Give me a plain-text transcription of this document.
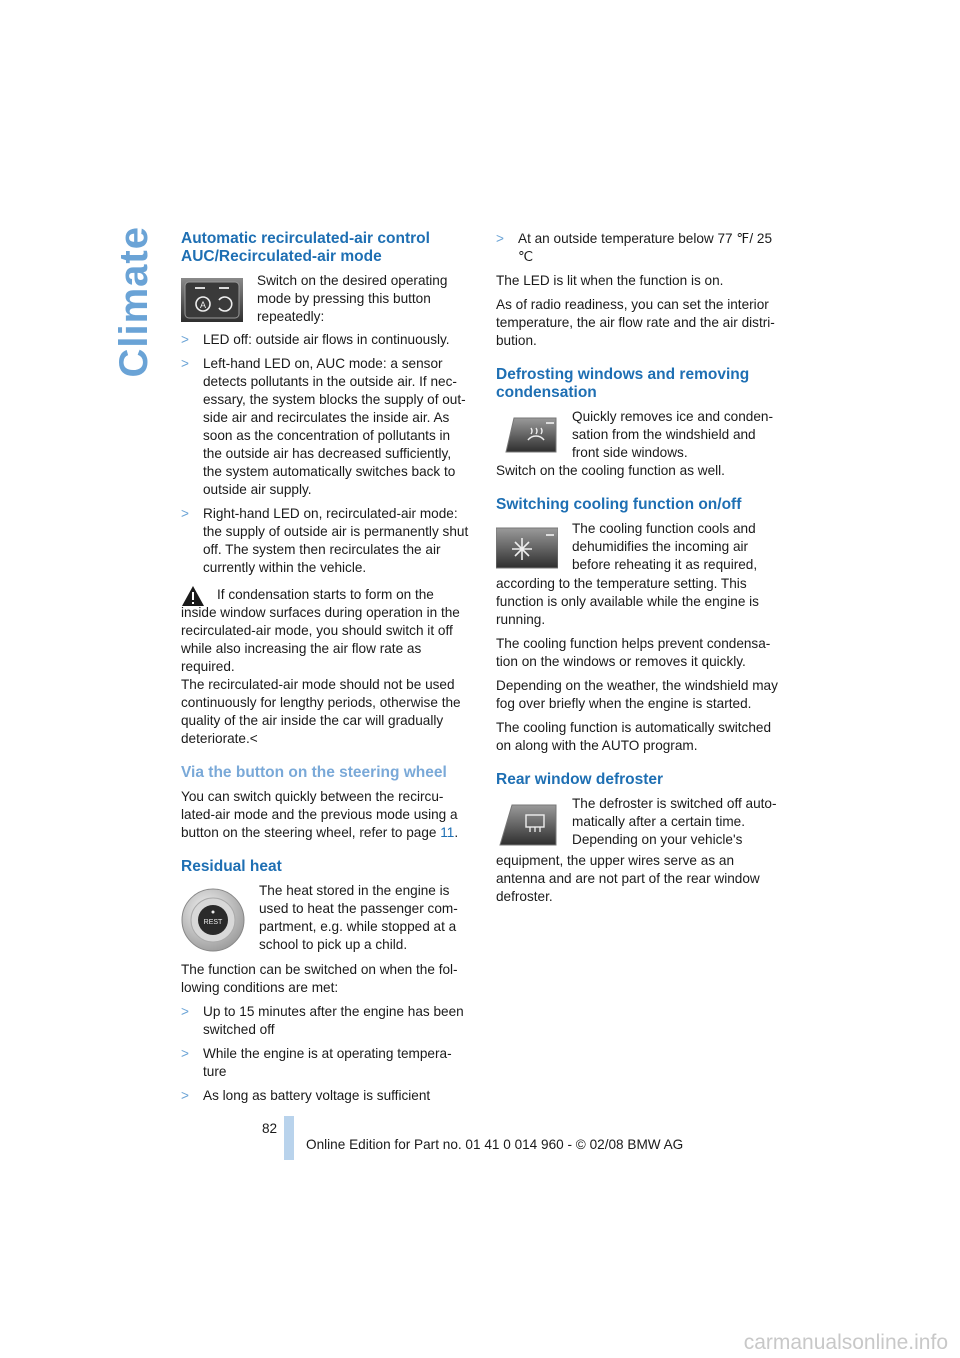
Climate Automatic recirculated-air control AUC/Recirculated-air mode
A
Switch on the desired operating mode by pressing this button repeatedly:
>	LED off: outside air flows in continuously.
>	Left-hand LED on, AUC mode: a sensor detects pollutants in the outside air. If nec- essary, the system blocks the supply of out- side air and recirculates the inside air. As soon as the concentration of pollutants in the outside air has decreased sufficiently, the system automatically switches back to outside air supply.
>	Right-hand LED on, recirculated-air mode: the supply of outside air is permanently shut off. The system then recirculates the air currently within the vehicle.

If condensation starts to form on the inside window surfaces during operation in the recirculated-air mode, you should switch it off while also increasing the air flow rate as required.
The recirculated-air mode should not be used continuously for lengthy periods, otherwise the quality of the air inside the car will gradually deteriorate.<

Via the button on the steering wheel

You can switch quickly between the recircu- lated-air mode and the previous mode using a button on the steering wheel, refer to page 11.

Residual heat
REST
The heat stored in the engine is used to heat the passenger com- partment, e.g. while stopped at a school to pick up a child.

The function can be switched on when the fol- lowing conditions are met:

>	Up to 15 minutes after the engine has been switched off
>	While the engine is at operating tempera- ture
>	As long as battery voltage is sufficient
>	At an outside temperature below 77 ℉/ 25 ℃

The LED is lit when the function is on.

As of radio readiness, you can set the interior temperature, the air flow rate and the air distri- bution.

Defrosting windows and removing condensation
Quickly removes ice and conden- sation from the windshield and front side windows.

Switch on the cooling function as well.

Switching cooling function on/off
The cooling function cools and dehumidifies the incoming air before reheating it as required,

according to the temperature setting. This function is only available while the engine is running.

The cooling function helps prevent condensa- tion on the windows or removes it quickly.

Depending on the weather, the windshield may fog over briefly when the engine is started.

The cooling function is automatically switched on along with the AUTO program.

Rear window defroster
The defroster is switched off auto- matically after a certain time. Depending on your vehicle's

equipment, the upper wires serve as an antenna and are not part of the rear window defroster.

82
Online Edition for Part no. 01 41 0 014 960 - © 02/08 BMW AG
carmanualsonline.info
